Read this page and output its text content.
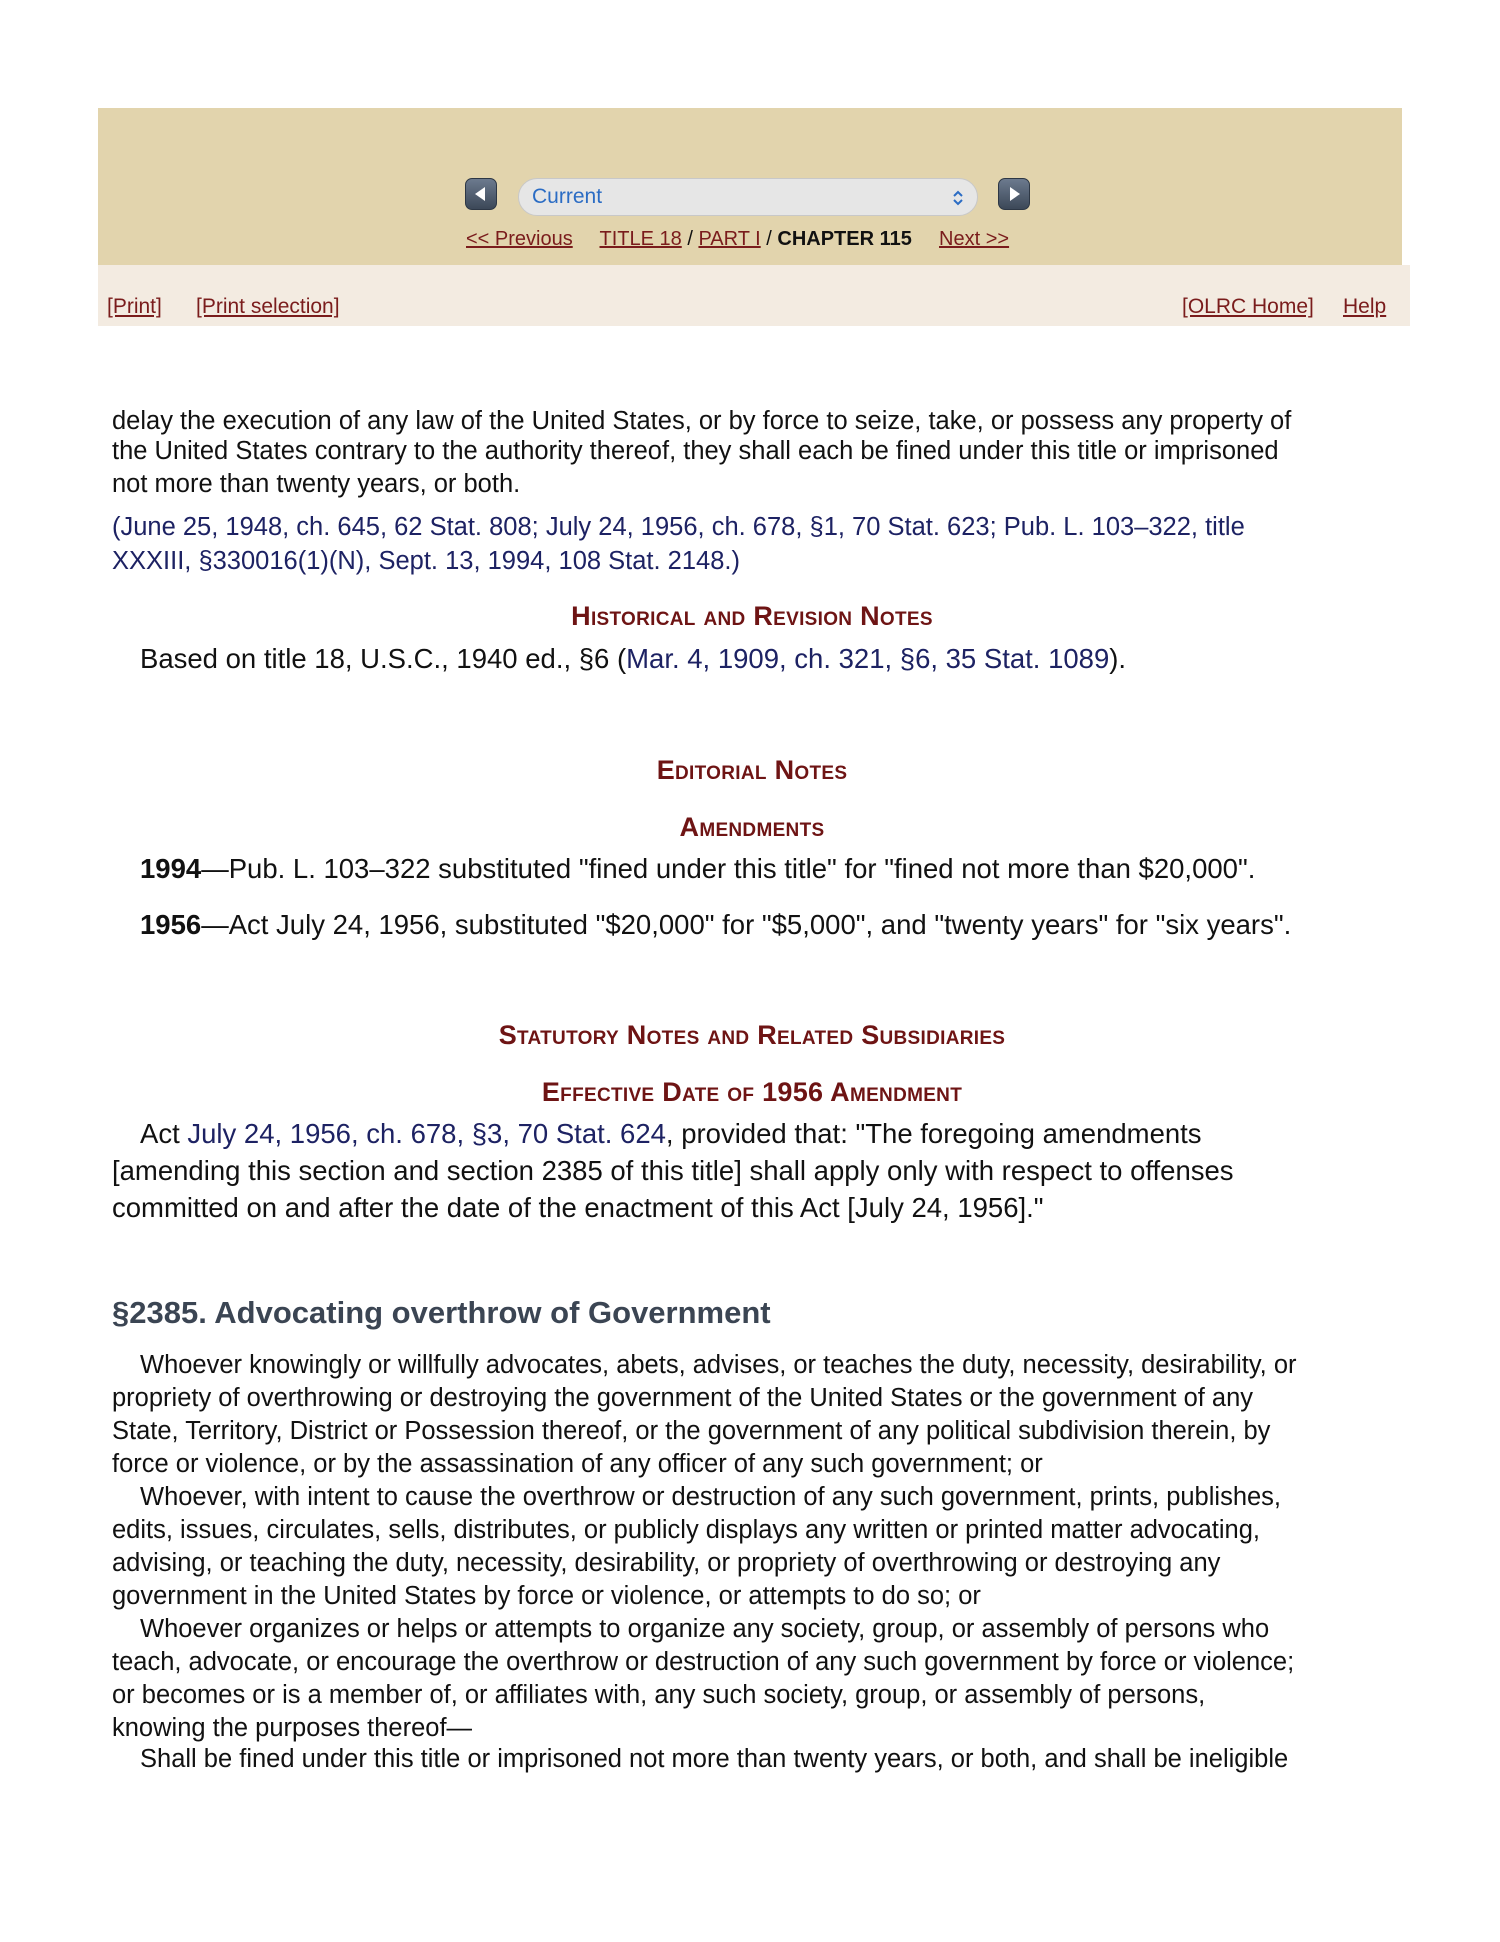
Current
<< Previous TITLE 18 / PART I / CHAPTER 115 Next >>
[Print] [Print selection]	[OLRC Home] Help
delay the execution of any law of the United States, or by force to seize, take, or possess any property of
the United States contrary to the authority thereof, they shall each be fined under this title or imprisoned
not more than twenty years, or both.
(June 25, 1948, ch. 645, 62 Stat. 808; July 24, 1956, ch. 678, §1, 70 Stat. 623; Pub. L. 103–322, title
XXXIII, §330016(1)(N), Sept. 13, 1994, 108 Stat. 2148.)
Historical and Revision Notes
Based on title 18, U.S.C., 1940 ed., §6 (Mar. 4, 1909, ch. 321, §6, 35 Stat. 1089).
Editorial Notes
Amendments
1994—Pub. L. 103–322 substituted "fined under this title" for "fined not more than $20,000".
1956—Act July 24, 1956, substituted "$20,000" for "$5,000", and "twenty years" for "six years".
Statutory Notes and Related Subsidiaries
Effective Date of 1956 Amendment
Act July 24, 1956, ch. 678, §3, 70 Stat. 624, provided that: "The foregoing amendments
[amending this section and section 2385 of this title] shall apply only with respect to offenses
committed on and after the date of the enactment of this Act [July 24, 1956]."
§2385. Advocating overthrow of Government
Whoever knowingly or willfully advocates, abets, advises, or teaches the duty, necessity, desirability, or
propriety of overthrowing or destroying the government of the United States or the government of any
State, Territory, District or Possession thereof, or the government of any political subdivision therein, by
force or violence, or by the assassination of any officer of any such government; or
Whoever, with intent to cause the overthrow or destruction of any such government, prints, publishes,
edits, issues, circulates, sells, distributes, or publicly displays any written or printed matter advocating,
advising, or teaching the duty, necessity, desirability, or propriety of overthrowing or destroying any
government in the United States by force or violence, or attempts to do so; or
Whoever organizes or helps or attempts to organize any society, group, or assembly of persons who
teach, advocate, or encourage the overthrow or destruction of any such government by force or violence;
or becomes or is a member of, or affiliates with, any such society, group, or assembly of persons,
knowing the purposes thereof—
Shall be fined under this title or imprisoned not more than twenty years, or both, and shall be ineligible
